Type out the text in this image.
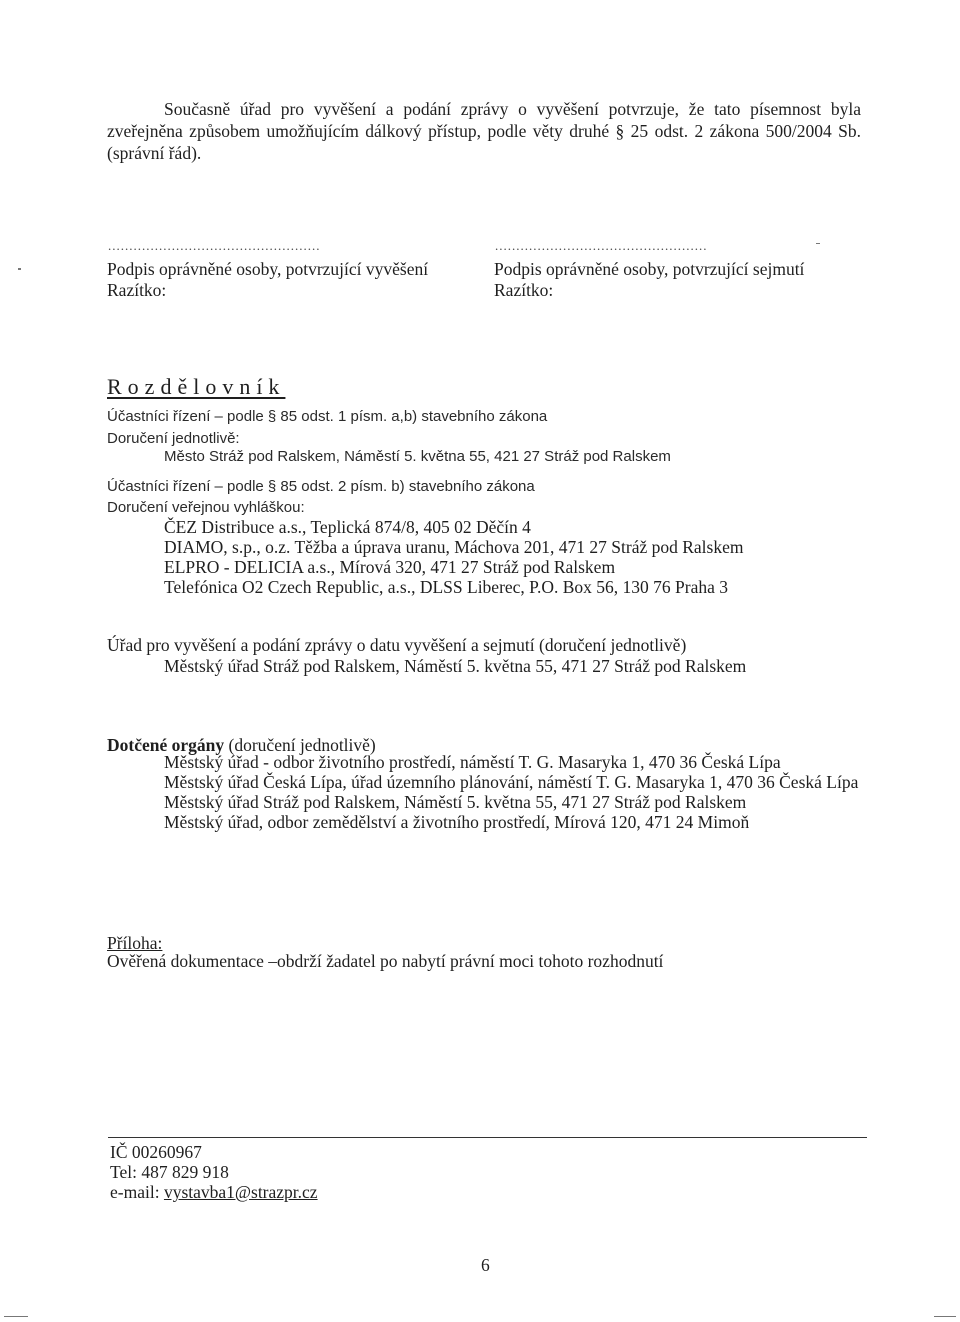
Současně úřad pro vyvěšení a podání zprávy o vyvěšení potvrzuje, že tato písemnost byla
zveřejněna způsobem umožňujícím dálkový přístup, podle věty druhé § 25 odst. 2 zákona 500/2004 Sb.
(správní řád).
..................................................
Podpis oprávněné osoby, potvrzující vyvěšení
Razítko:
..................................................
Podpis oprávněné osoby, potvrzující sejmutí
Razítko:
Rozdělovník
Účastníci řízení – podle § 85 odst. 1 písm. a,b) stavebního zákona
Doručení jednotlivě:
Město Stráž pod Ralskem, Náměstí 5. května 55, 421 27 Stráž pod Ralskem
Účastníci řízení – podle § 85 odst. 2 písm. b) stavebního zákona
Doručení veřejnou vyhláškou:
ČEZ Distribuce a.s., Teplická 874/8, 405 02 Děčín 4
DIAMO, s.p., o.z. Těžba a úprava uranu, Máchova 201, 471 27 Stráž pod Ralskem
ELPRO - DELICIA a.s., Mírová 320, 471 27 Stráž pod Ralskem
Telefónica O2 Czech Republic, a.s., DLSS Liberec, P.O. Box 56, 130 76 Praha 3
Úřad pro vyvěšení a podání zprávy o datu vyvěšení a sejmutí (doručení jednotlivě)
Městský úřad Stráž pod Ralskem, Náměstí 5. května 55, 471 27 Stráž pod Ralskem
Dotčené orgány (doručení jednotlivě)
Městský úřad - odbor životního prostředí, náměstí T. G. Masaryka 1, 470 36 Česká Lípa
Městský úřad Česká Lípa, úřad územního plánování, náměstí T. G. Masaryka 1, 470 36 Česká Lípa
Městský úřad Stráž pod Ralskem, Náměstí 5. května 55, 471 27 Stráž pod Ralskem
Městský úřad, odbor zemědělství a životního prostředí, Mírová 120, 471 24 Mimoň
Příloha:
Ověřená dokumentace –obdrží žadatel po nabytí právní moci tohoto rozhodnutí
IČ 00260967
Tel: 487 829 918
e-mail: vystavba1@strazpr.cz
6
